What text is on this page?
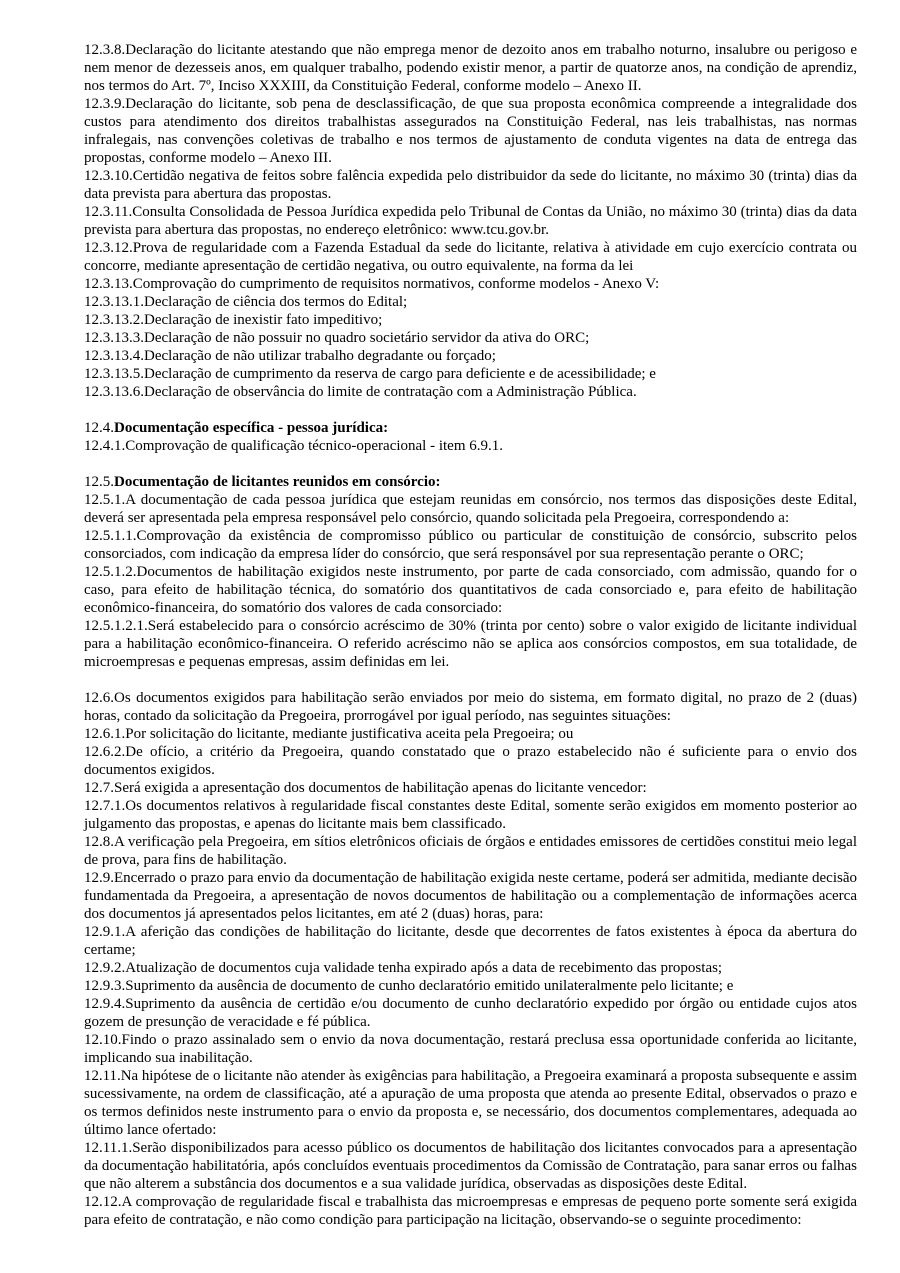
12.3.8.Declaração do licitante atestando que não emprega menor de dezoito anos em trabalho noturno, insalubre ou perigoso e
nem menor de dezesseis anos, em qualquer trabalho, podendo existir menor, a partir de quatorze anos, na condição de aprendiz,
nos termos do Art. 7º, Inciso XXXIII, da Constituição Federal, conforme modelo – Anexo II.
12.3.9.Declaração do licitante, sob pena de desclassificação, de que sua proposta econômica compreende a integralidade dos
custos para atendimento dos direitos trabalhistas assegurados na Constituição Federal, nas leis trabalhistas, nas normas
infralegais, nas convenções coletivas de trabalho e nos termos de ajustamento de conduta vigentes na data de entrega das
propostas, conforme modelo – Anexo III.
12.3.10.Certidão negativa de feitos sobre falência expedida pelo distribuidor da sede do licitante, no máximo 30 (trinta) dias da
data prevista para abertura das propostas.
12.3.11.Consulta Consolidada de Pessoa Jurídica expedida pelo Tribunal de Contas da União, no máximo 30 (trinta) dias da data
prevista para abertura das propostas, no endereço eletrônico: www.tcu.gov.br.
12.3.12.Prova de regularidade com a Fazenda Estadual da sede do licitante, relativa à atividade em cujo exercício contrata ou
concorre, mediante apresentação de certidão negativa, ou outro equivalente, na forma da lei
12.3.13.Comprovação do cumprimento de requisitos normativos, conforme modelos - Anexo V:
12.3.13.1.Declaração de ciência dos termos do Edital;
12.3.13.2.Declaração de inexistir fato impeditivo;
12.3.13.3.Declaração de não possuir no quadro societário servidor da ativa do ORC;
12.3.13.4.Declaração de não utilizar trabalho degradante ou forçado;
12.3.13.5.Declaração de cumprimento da reserva de cargo para deficiente e de acessibilidade; e
12.3.13.6.Declaração de observância do limite de contratação com a Administração Pública.
12.4.Documentação específica - pessoa jurídica:
12.4.1.Comprovação de qualificação técnico-operacional - item 6.9.1.
12.5.Documentação de licitantes reunidos em consórcio:
12.5.1.A documentação de cada pessoa jurídica que estejam reunidas em consórcio, nos termos das disposições deste Edital,
deverá ser apresentada pela empresa responsável pelo consórcio, quando solicitada pela Pregoeira, correspondendo a:
12.5.1.1.Comprovação da existência de compromisso público ou particular de constituição de consórcio, subscrito pelos
consorciados, com indicação da empresa líder do consórcio, que será responsável por sua representação perante o ORC;
12.5.1.2.Documentos de habilitação exigidos neste instrumento, por parte de cada consorciado, com admissão, quando for o
caso, para efeito de habilitação técnica, do somatório dos quantitativos de cada consorciado e, para efeito de habilitação
econômico-financeira, do somatório dos valores de cada consorciado:
12.5.1.2.1.Será estabelecido para o consórcio acréscimo de 30% (trinta por cento) sobre o valor exigido de licitante individual
para a habilitação econômico-financeira. O referido acréscimo não se aplica aos consórcios compostos, em sua totalidade, de
microempresas e pequenas empresas, assim definidas em lei.
12.6.Os documentos exigidos para habilitação serão enviados por meio do sistema, em formato digital, no prazo de 2 (duas)
horas, contado da solicitação da Pregoeira, prorrogável por igual período, nas seguintes situações:
12.6.1.Por solicitação do licitante, mediante justificativa aceita pela Pregoeira; ou
12.6.2.De ofício, a critério da Pregoeira, quando constatado que o prazo estabelecido não é suficiente para o envio dos
documentos exigidos.
12.7.Será exigida a apresentação dos documentos de habilitação apenas do licitante vencedor:
12.7.1.Os documentos relativos à regularidade fiscal constantes deste Edital, somente serão exigidos em momento posterior ao
julgamento das propostas, e apenas do licitante mais bem classificado.
12.8.A verificação pela Pregoeira, em sítios eletrônicos oficiais de órgãos e entidades emissores de certidões constitui meio legal
de prova, para fins de habilitação.
12.9.Encerrado o prazo para envio da documentação de habilitação exigida neste certame, poderá ser admitida, mediante decisão
fundamentada da Pregoeira, a apresentação de novos documentos de habilitação ou a complementação de informações acerca
dos documentos já apresentados pelos licitantes, em até 2 (duas) horas, para:
12.9.1.A aferição das condições de habilitação do licitante, desde que decorrentes de fatos existentes à época da abertura do
certame;
12.9.2.Atualização de documentos cuja validade tenha expirado após a data de recebimento das propostas;
12.9.3.Suprimento da ausência de documento de cunho declaratório emitido unilateralmente pelo licitante; e
12.9.4.Suprimento da ausência de certidão e/ou documento de cunho declaratório expedido por órgão ou entidade cujos atos
gozem de presunção de veracidade e fé pública.
12.10.Findo o prazo assinalado sem o envio da nova documentação, restará preclusa essa oportunidade conferida ao licitante,
implicando sua inabilitação.
12.11.Na hipótese de o licitante não atender às exigências para habilitação, a Pregoeira examinará a proposta subsequente e assim
sucessivamente, na ordem de classificação, até a apuração de uma proposta que atenda ao presente Edital, observados o prazo e
os termos definidos neste instrumento para o envio da proposta e, se necessário, dos documentos complementares, adequada ao
último lance ofertado:
12.11.1.Serão disponibilizados para acesso público os documentos de habilitação dos licitantes convocados para a apresentação
da documentação habilitatória, após concluídos eventuais procedimentos da Comissão de Contratação, para sanar erros ou falhas
que não alterem a substância dos documentos e a sua validade jurídica, observadas as disposições deste Edital.
12.12.A comprovação de regularidade fiscal e trabalhista das microempresas e empresas de pequeno porte somente será exigida
para efeito de contratação, e não como condição para participação na licitação, observando-se o seguinte procedimento:
